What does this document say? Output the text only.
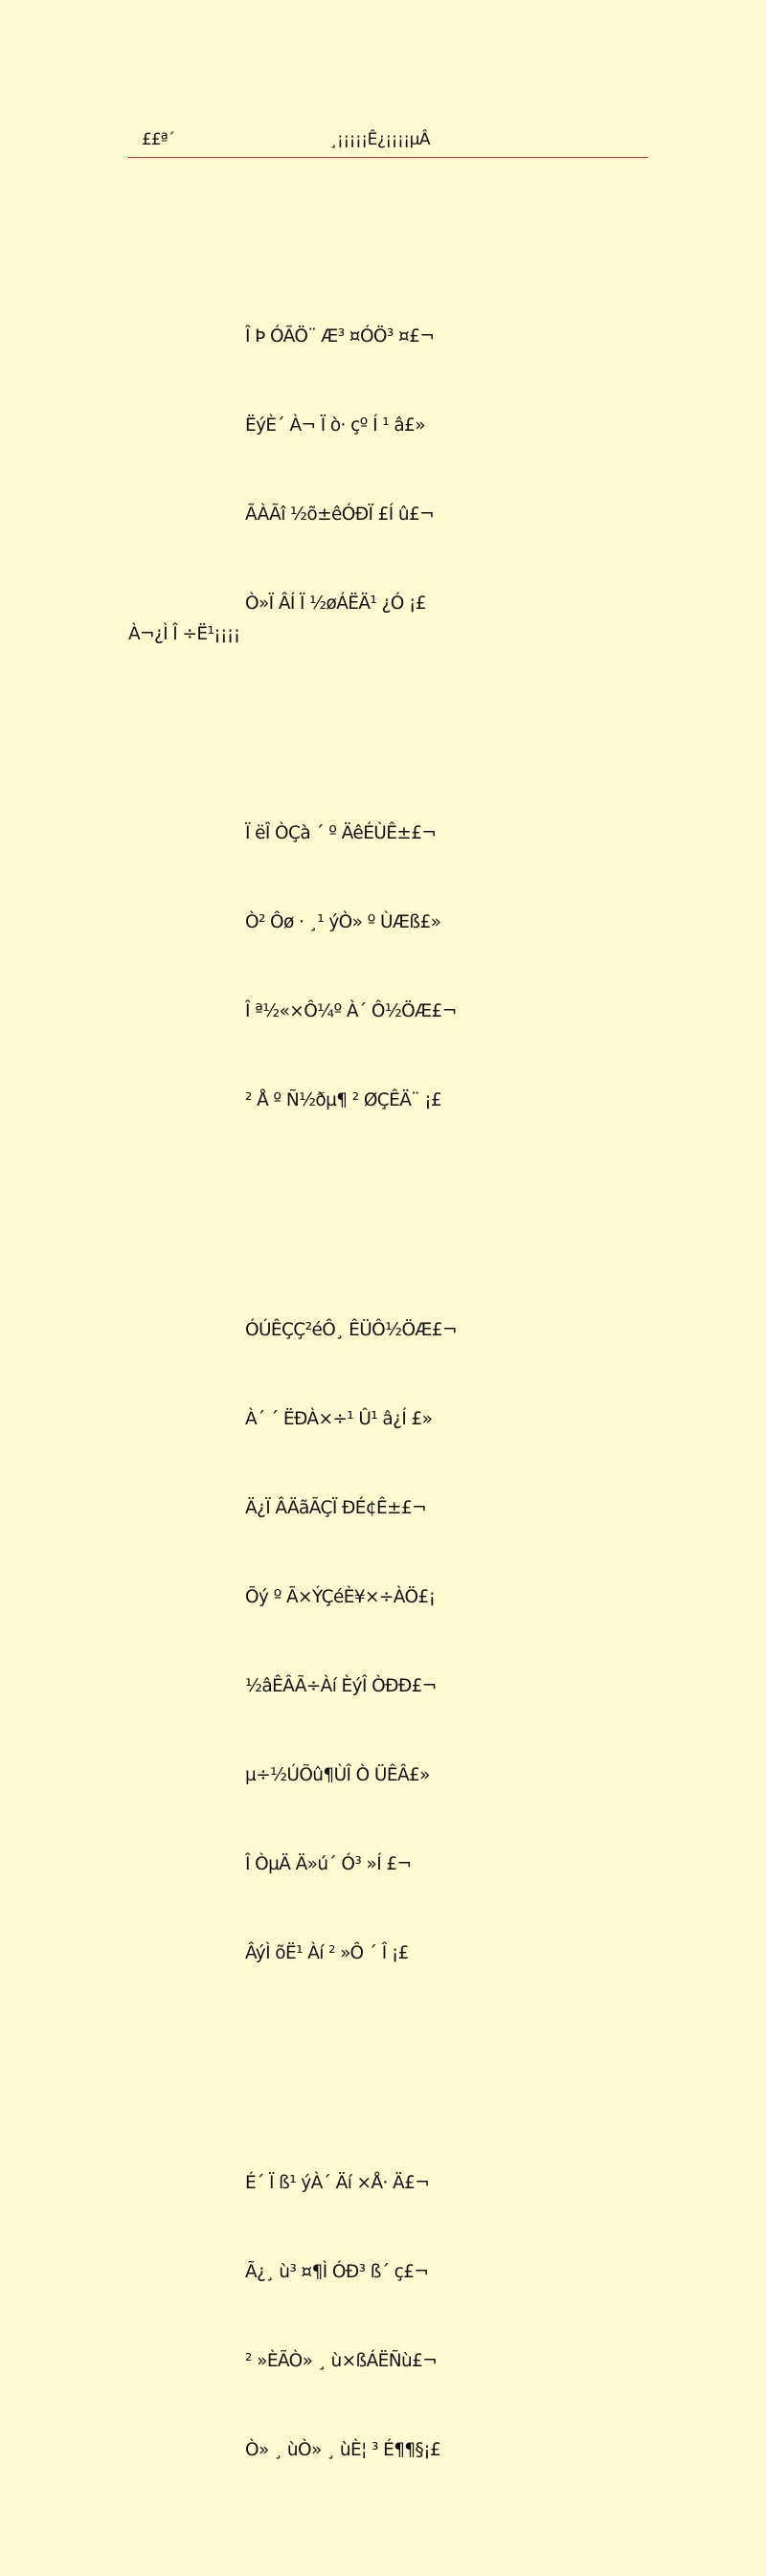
££ª´	¸¡¡¡¡¡Ê¿¡¡¡¡µÂ

Î Þ ÓÃÖ¨ Æ³ ¤ÓÖ³ ¤£¬

ËýÈ´ À¬ Ï ò· çº Í ¹ â£»

ÃÀÃî ½õ±êÓÐÏ £Í û£¬

Ò»Ï ÂÍ Ï ½øÁËÄ¹ ¿Ó ¡£

Ï ëÎ ÒÇà ´ º ÄêÉÙÊ±£¬

Ò² Ôø · ¸¹ ýÒ» º ÙÆß£»

Î ª½«×Ô¼º À´ Ô½ÖÆ£¬

² Å º Ñ½ðµ¶ ² ØÇÊÄ¨ ¡£

ÓÚÊÇÇ²éÔ¸ ÊÜÔ½ÖÆ£¬

À´ ´ ËÐÀ×÷¹ Û¹ â¿Í £»

Ä¿Ï ÂÄãÃÇÏ ÐÉ¢Ê±£¬

Õý º Ã×ÝÇéÈ¥×÷ÀÖ£¡

½âÊÂÃ÷Àí ÈýÎ ÒÐÐ£¬

µ÷½ÚÕû¶ÙÎ Ò ÜÊÂ£»

Î ÒµÄ Ä»ú´ Ó³ »Í £¬

ÂýÌ õË¹ Àí ² »Ô ´ Î ¡£

É´ Ï ß¹ ýÀ´ Äí ×Å· Ä£¬

Ã¿¸ ù³ ¤¶Ì ÓÐ³ ß´ ç£¬

² »ÈÃÒ» ¸ ù×ßÁËÑù£¬

Ò» ¸ ùÒ» ¸ ùÈ¦ ³ É¶¶§¡£

À¬¿Ì Î ÷Ë¹¡¡¡¡
